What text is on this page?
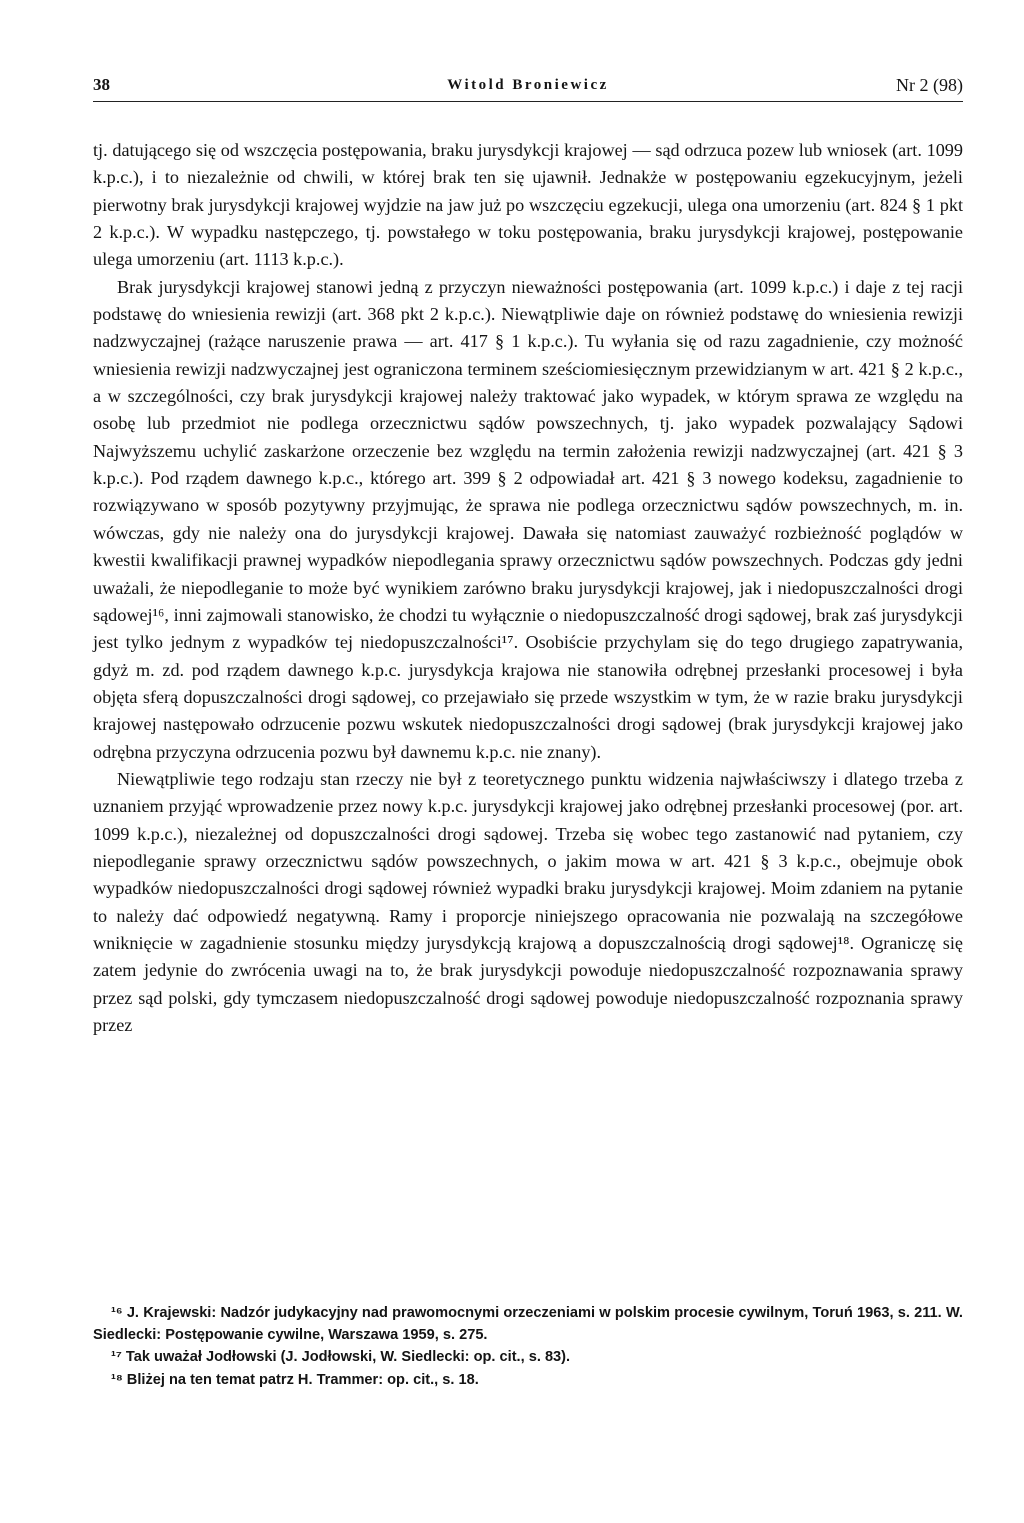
38	Witold Broniewicz	Nr 2 (98)

tj. datującego się od wszczęcia postępowania, braku jurysdykcji krajowej — sąd odrzuca pozew lub wniosek (art. 1099 k.p.c.), i to niezależnie od chwili, w której brak ten się ujawnił. Jednakże w postępowaniu egzekucyjnym, jeżeli pierwotny brak jurysdykcji krajowej wyjdzie na jaw już po wszczęciu egzekucji, ulega ona umorzeniu (art. 824 § 1 pkt 2 k.p.c.). W wypadku następczego, tj. powstałego w toku postępowania, braku jurysdykcji krajowej, postępowanie ulega umorzeniu (art. 1113 k.p.c.).

Brak jurysdykcji krajowej stanowi jedną z przyczyn nieważności postępowania (art. 1099 k.p.c.) i daje z tej racji podstawę do wniesienia rewizji (art. 368 pkt 2 k.p.c.). Niewątpliwie daje on również podstawę do wniesienia rewizji nadzwyczajnej (rażące naruszenie prawa — art. 417 § 1 k.p.c.). Tu wyłania się od razu zagadnienie, czy możność wniesienia rewizji nadzwyczajnej jest ograniczona terminem sześciomiesięcznym przewidzianym w art. 421 § 2 k.p.c., a w szczególności, czy brak jurysdykcji krajowej należy traktować jako wypadek, w którym sprawa ze względu na osobę lub przedmiot nie podlega orzecznictwu sądów powszechnych, tj. jako wypadek pozwalający Sądowi Najwyższemu uchylić zaskarżone orzeczenie bez względu na termin założenia rewizji nadzwyczajnej (art. 421 § 3 k.p.c.). Pod rządem dawnego k.p.c., którego art. 399 § 2 odpowiadał art. 421 § 3 nowego kodeksu, zagadnienie to rozwiązywano w sposób pozytywny przyjmując, że sprawa nie podlega orzecznictwu sądów powszechnych, m. in. wówczas, gdy nie należy ona do jurysdykcji krajowej. Dawała się natomiast zauważyć rozbieżność poglądów w kwestii kwalifikacji prawnej wypadków niepodlegania sprawy orzecznictwu sądów powszechnych. Podczas gdy jedni uważali, że niepodleganie to może być wynikiem zarówno braku jurysdykcji krajowej, jak i niedopuszczalności drogi sądowej¹⁶, inni zajmowali stanowisko, że chodzi tu wyłącznie o niedopuszczalność drogi sądowej, brak zaś jurysdykcji jest tylko jednym z wypadków tej niedopuszczalności¹⁷. Osobiście przychylam się do tego drugiego zapatrywania, gdyż m. zd. pod rządem dawnego k.p.c. jurysdykcja krajowa nie stanowiła odrębnej przesłanki procesowej i była objęta sferą dopuszczalności drogi sądowej, co przejawiało się przede wszystkim w tym, że w razie braku jurysdykcji krajowej następowało odrzucenie pozwu wskutek niedopuszczalności drogi sądowej (brak jurysdykcji krajowej jako odrębna przyczyna odrzucenia pozwu był dawnemu k.p.c. nie znany).

Niewątpliwie tego rodzaju stan rzeczy nie był z teoretycznego punktu widzenia najwłaściwszy i dlatego trzeba z uznaniem przyjąć wprowadzenie przez nowy k.p.c. jurysdykcji krajowej jako odrębnej przesłanki procesowej (por. art. 1099 k.p.c.), niezależnej od dopuszczalności drogi sądowej. Trzeba się wobec tego zastanowić nad pytaniem, czy niepodleganie sprawy orzecznictwu sądów powszechnych, o jakim mowa w art. 421 § 3 k.p.c., obejmuje obok wypadków niedopuszczalności drogi sądowej również wypadki braku jurysdykcji krajowej. Moim zdaniem na pytanie to należy dać odpowiedź negatywną. Ramy i proporcje niniejszego opracowania nie pozwalają na szczegółowe wniknięcie w zagadnienie stosunku między jurysdykcją krajową a dopuszczalnością drogi sądowej¹⁸. Ograniczę się zatem jedynie do zwrócenia uwagi na to, że brak jurysdykcji powoduje niedopuszczalność rozpoznawania sprawy przez sąd polski, gdy tymczasem niedopuszczalność drogi sądowej powoduje niedopuszczalność rozpoznania sprawy przez

¹⁶ J. Krajewski: Nadzór judykacyjny nad prawomocnymi orzeczeniami w polskim procesie cywilnym, Toruń 1963, s. 211. W. Siedlecki: Postępowanie cywilne, Warszawa 1959, s. 275.

¹⁷ Tak uważał Jodłowski (J. Jodłowski, W. Siedlecki: op. cit., s. 83).

¹⁸ Bliżej na ten temat patrz H. Trammer: op. cit., s. 18.
